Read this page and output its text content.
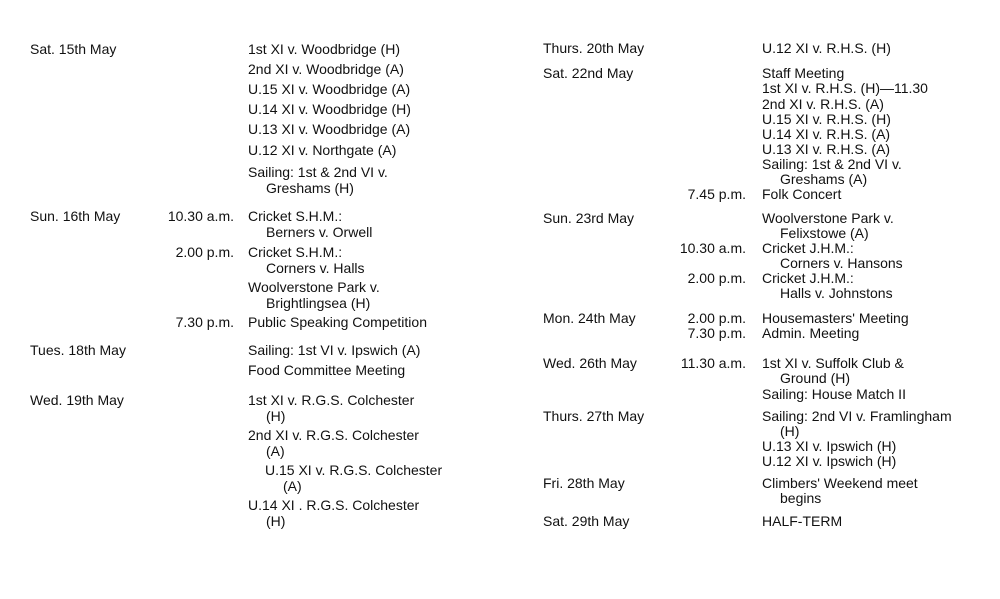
Sat. 15th May	1st XI v. Woodbridge (H)
2nd XI v. Woodbridge (A)
U.15 XI v. Woodbridge (A)
U.14 XI v. Woodbridge (H)
U.13 XI v. Woodbridge (A)
U.12 XI v. Northgate (A)
Sailing: 1st & 2nd VI v.
Greshams (H)
Sun. 16th May	10.30 a.m. Cricket S.H.M.:
Berners v. Orwell
2.00 p.m. Cricket S.H.M.:
Corners v. Halls
Woolverstone Park v.
Brightlingsea (H)
7.30 p.m. Public Speaking Competition
Tues. 18th May	Sailing: 1st VI v. Ipswich (A)
Food Committee Meeting
Wed. 19th May	1st XI v. R.G.S. Colchester
(H)
2nd XI v. R.G.S. Colchester
(A)
U.15 XI v. R.G.S. Colchester
(A)
U.14 XI . R.G.S. Colchester
(H)
Thurs. 20th May	U.12 XI v. R.H.S. (H)
Sat. 22nd May	Staff Meeting
1st XI v. R.H.S. (H)—11.30
2nd XI v. R.H.S. (A)
U.15 XI v. R.H.S. (H)
U.14 XI v. R.H.S. (A)
U.13 XI v. R.H.S. (A)
Sailing: 1st & 2nd VI v.
Greshams (A)
7.45 p.m. Folk Concert
Sun. 23rd May	Woolverstone Park v.
Felixstowe (A)
10.30 a.m. Cricket J.H.M.:
Corners v. Hansons
2.00 p.m. Cricket J.H.M.:
Halls v. Johnstons
Mon. 24th May	2.00 p.m. Housemasters' Meeting
7.30 p.m. Admin. Meeting
Wed. 26th May	11.30 a.m. 1st XI v. Suffolk Club &
Ground (H)
Sailing: House Match II
Thurs. 27th May	Sailing: 2nd VI v. Framlingham
(H)
U.13 XI v. Ipswich (H)
U.12 XI v. Ipswich (H)
Fri. 28th May	Climbers' Weekend meet
begins
Sat. 29th May	HALF-TERM
